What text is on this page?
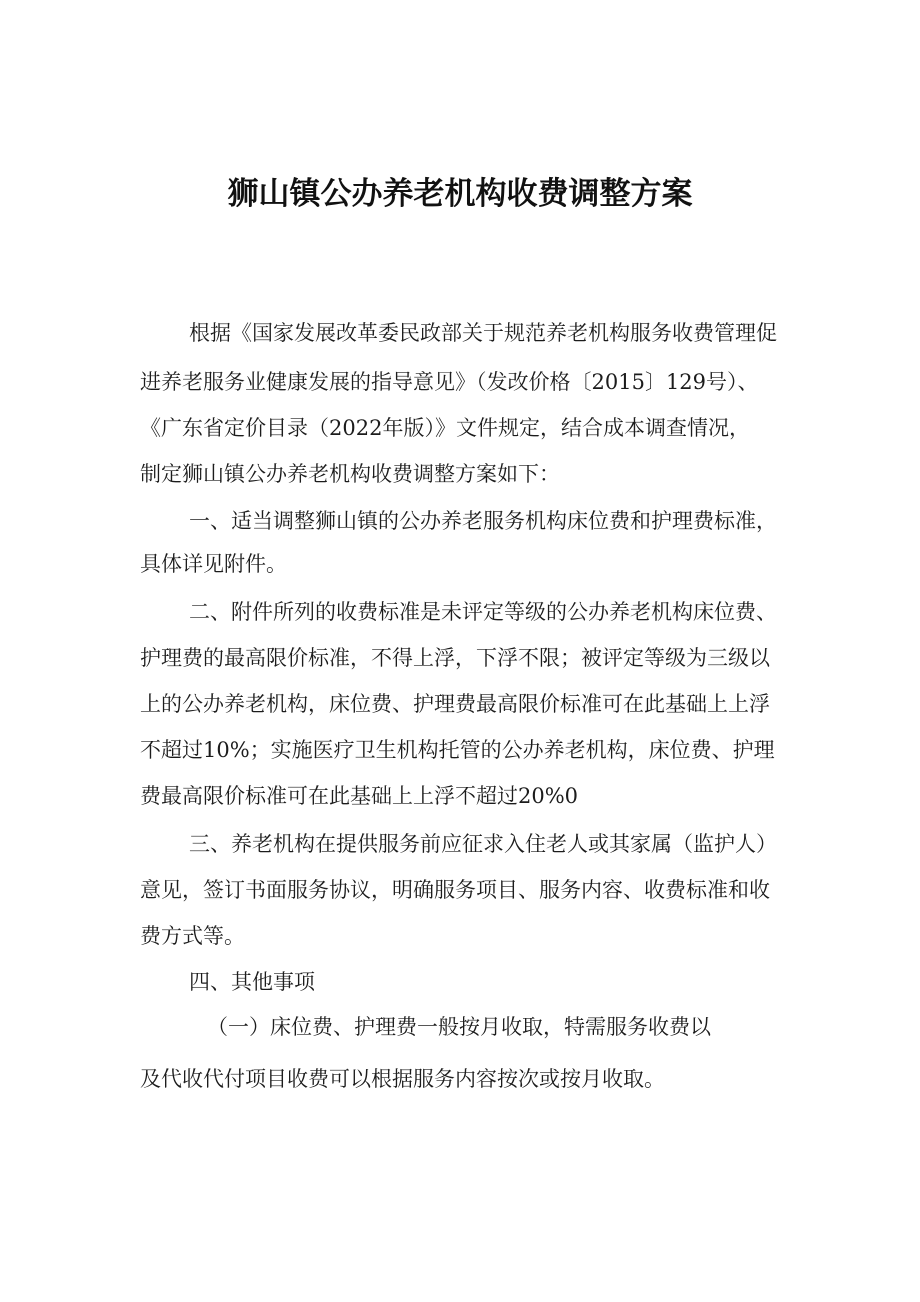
狮山镇公办养老机构收费调整方案
根据《国家发展改革委民政部关于规范养老机构服务收费管理促
进养老服务业健康发展的指导意见》（发改价格〔2015〕129号）、
《广东省定价目录（2022年版）》文件规定，结合成本调查情况，
制定狮山镇公办养老机构收费调整方案如下：
一、适当调整狮山镇的公办养老服务机构床位费和护理费标准，
具体详见附件。
二、附件所列的收费标准是未评定等级的公办养老机构床位费、
护理费的最高限价标准，不得上浮，下浮不限；被评定等级为三级以
上的公办养老机构，床位费、护理费最高限价标准可在此基础上上浮
不超过10%；实施医疗卫生机构托管的公办养老机构，床位费、护理
费最高限价标准可在此基础上上浮不超过20%0
三、养老机构在提供服务前应征求入住老人或其家属（监护人）
意见，签订书面服务协议，明确服务项目、服务内容、收费标准和收
费方式等。
四、其他事项
（一）床位费、护理费一般按月收取，特需服务收费以
及代收代付项目收费可以根据服务内容按次或按月收取。
